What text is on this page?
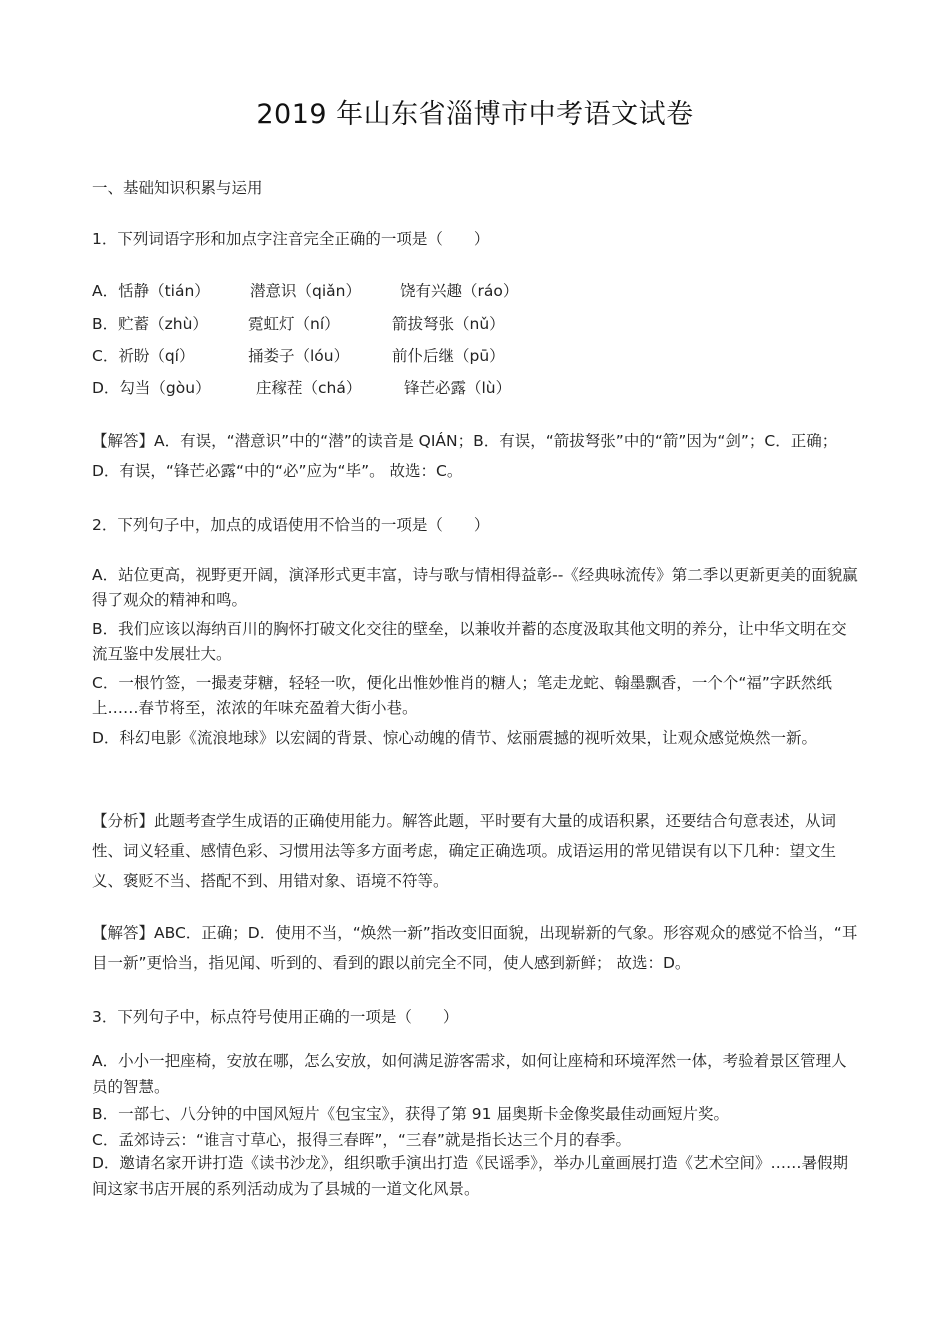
2019 年山东省淄博市中考语文试卷
一、基础知识积累与运用
1．下列词语字形和加点字注音完全正确的一项是（　　）
A．恬静（tián）	潜意识（qiǎn）	饶有兴趣（ráo）
B．贮蓄（zhù）	霓虹灯（ní）	箭拔弩张（nǔ）
C．祈盼（qí）	捅娄子（lóu）	前仆后继（pū）
D．勾当（gòu）	庄稼茬（chá）	锋芒必露（lù）
【解答】A．有误，“潜意识”中的“潜”的读音是 QIÁN；B．有误，“箭拔弩张”中的“箭”因为“剑”；C．正确；D．有误，“锋芒必露“中的“必”应为“毕”。 故选：C。
2．下列句子中，加点的成语使用不恰当的一项是（　　）
A．站位更高，视野更开阔，演泽形式更丰富，诗与歌与情相得益彰--《经典咏流传》第二季以更新更美的面貌赢得了观众的精神和鸣。
B．我们应该以海纳百川的胸怀打破文化交往的壁垒，以兼收并蓄的态度汲取其他文明的养分，让中华文明在交流互鉴中发展壮大。
C．一根竹签，一撮麦芽糖，轻轻一吹，便化出惟妙惟肖的糖人；笔走龙蛇、翰墨飘香，一个个“福”字跃然纸上……春节将至，浓浓的年味充盈着大街小巷。
D．科幻电影《流浪地球》以宏阔的背景、惊心动魄的倩节、炫丽震撼的视听效果，让观众感觉焕然一新。
【分析】此题考查学生成语的正确使用能力。解答此题，平时要有大量的成语积累，还要结合句意表述，从词性、词义轻重、感情色彩、习惯用法等多方面考虑，确定正确选项。成语运用的常见错误有以下几种：望文生义、褒贬不当、搭配不到、用错对象、语境不符等。
【解答】ABC．正确；D．使用不当，“焕然一新”指改变旧面貌，出现崭新的气象。形容观众的感觉不恰当，“耳目一新”更恰当，指见闻、听到的、看到的跟以前完全不同，使人感到新鲜； 故选：D。
3．下列句子中，标点符号使用正确的一项是（　　）
A．小小一把座椅，安放在哪，怎么安放，如何满足游客需求，如何让座椅和环境浑然一体，考验着景区管理人员的智慧。
B．一部七、八分钟的中国风短片《包宝宝》，获得了第 91 届奥斯卡金像奖最佳动画短片奖。
C．孟郊诗云：“谁言寸草心，报得三春晖”，“三春”就是指长达三个月的春季。
D．邀请名家开讲打造《读书沙龙》，组织歌手演出打造《民谣季》，举办儿童画展打造《艺术空间》……暑假期间这家书店开展的系列活动成为了县城的一道文化风景。
